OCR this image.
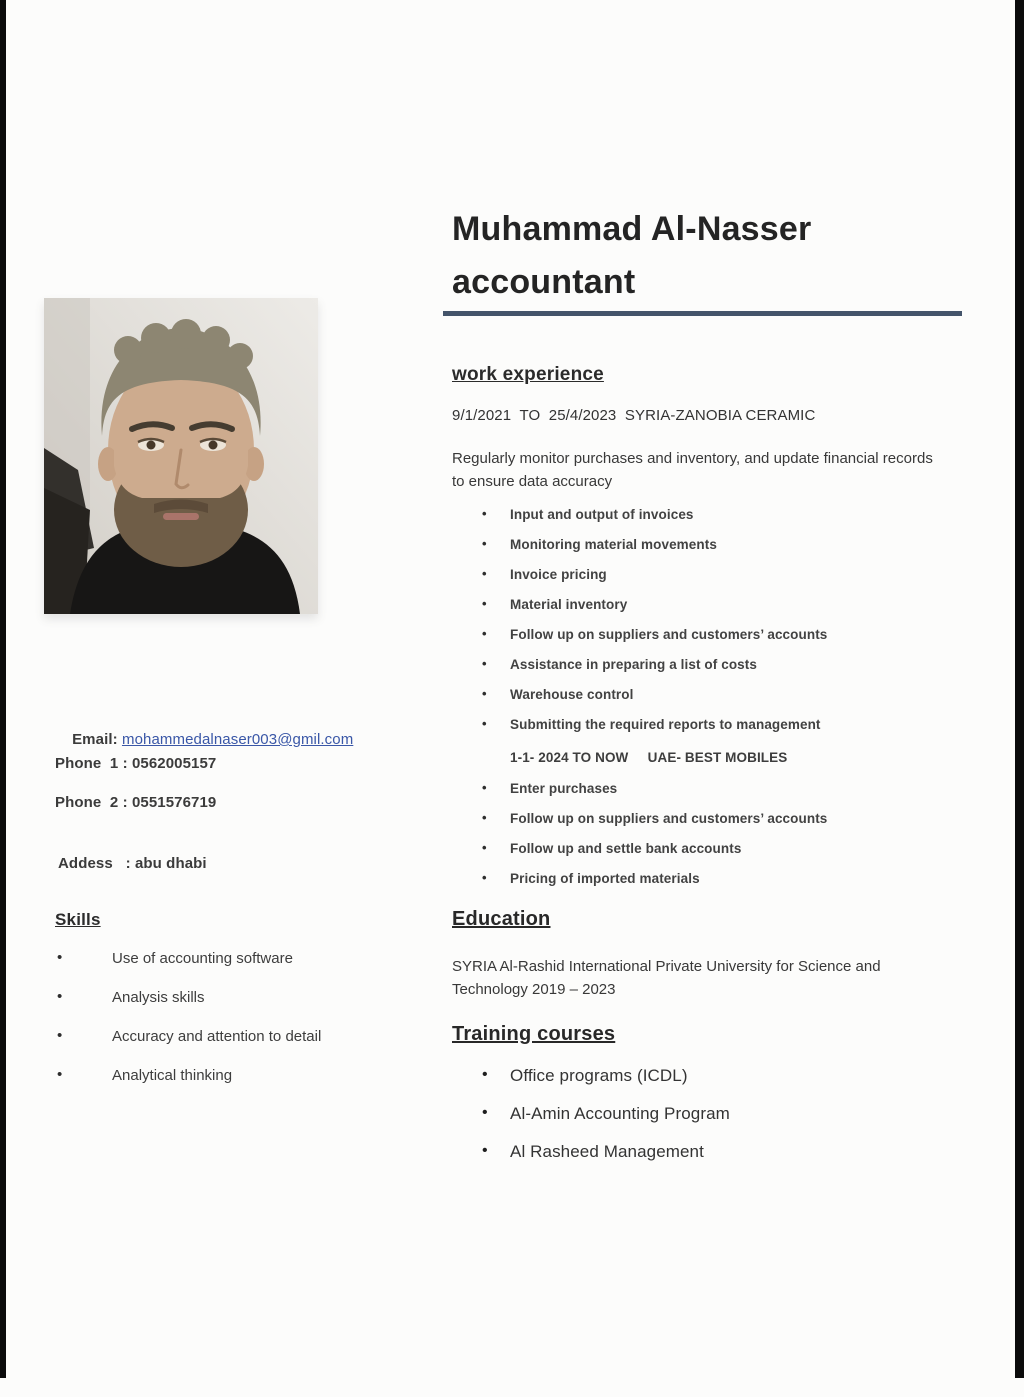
Email: mohammedalnaser003@gmil.com

Phone  1 : 0562005157
Phone  2 : 0551576719
Addess   : abu dhabi
Skills
• Use of accounting software
• Analysis skills
• Accuracy and attention to detail
• Analytical thinking
Muhammad Al-Nasser
accountant
work experience
9/1/2021  TO  25/4/2023  SYRIA-ZANOBIA CERAMIC
Regularly monitor purchases and inventory, and update financial records to ensure data accuracy
• Input and output of invoices
• Monitoring material movements
• Invoice pricing
• Material inventory
• Follow up on suppliers and customers’ accounts
• Assistance in preparing a list of costs
• Warehouse control
• Submitting the required reports to management
1-1- 2024 TO NOW     UAE- BEST MOBILES
• Enter purchases
• Follow up on suppliers and customers’ accounts
• Follow up and settle bank accounts
• Pricing of imported materials
Education
SYRIA Al-Rashid International Private University for Science and Technology 2019 – 2023
Training courses
• Office programs (ICDL)
• Al-Amin Accounting Program
• Al Rasheed Management
